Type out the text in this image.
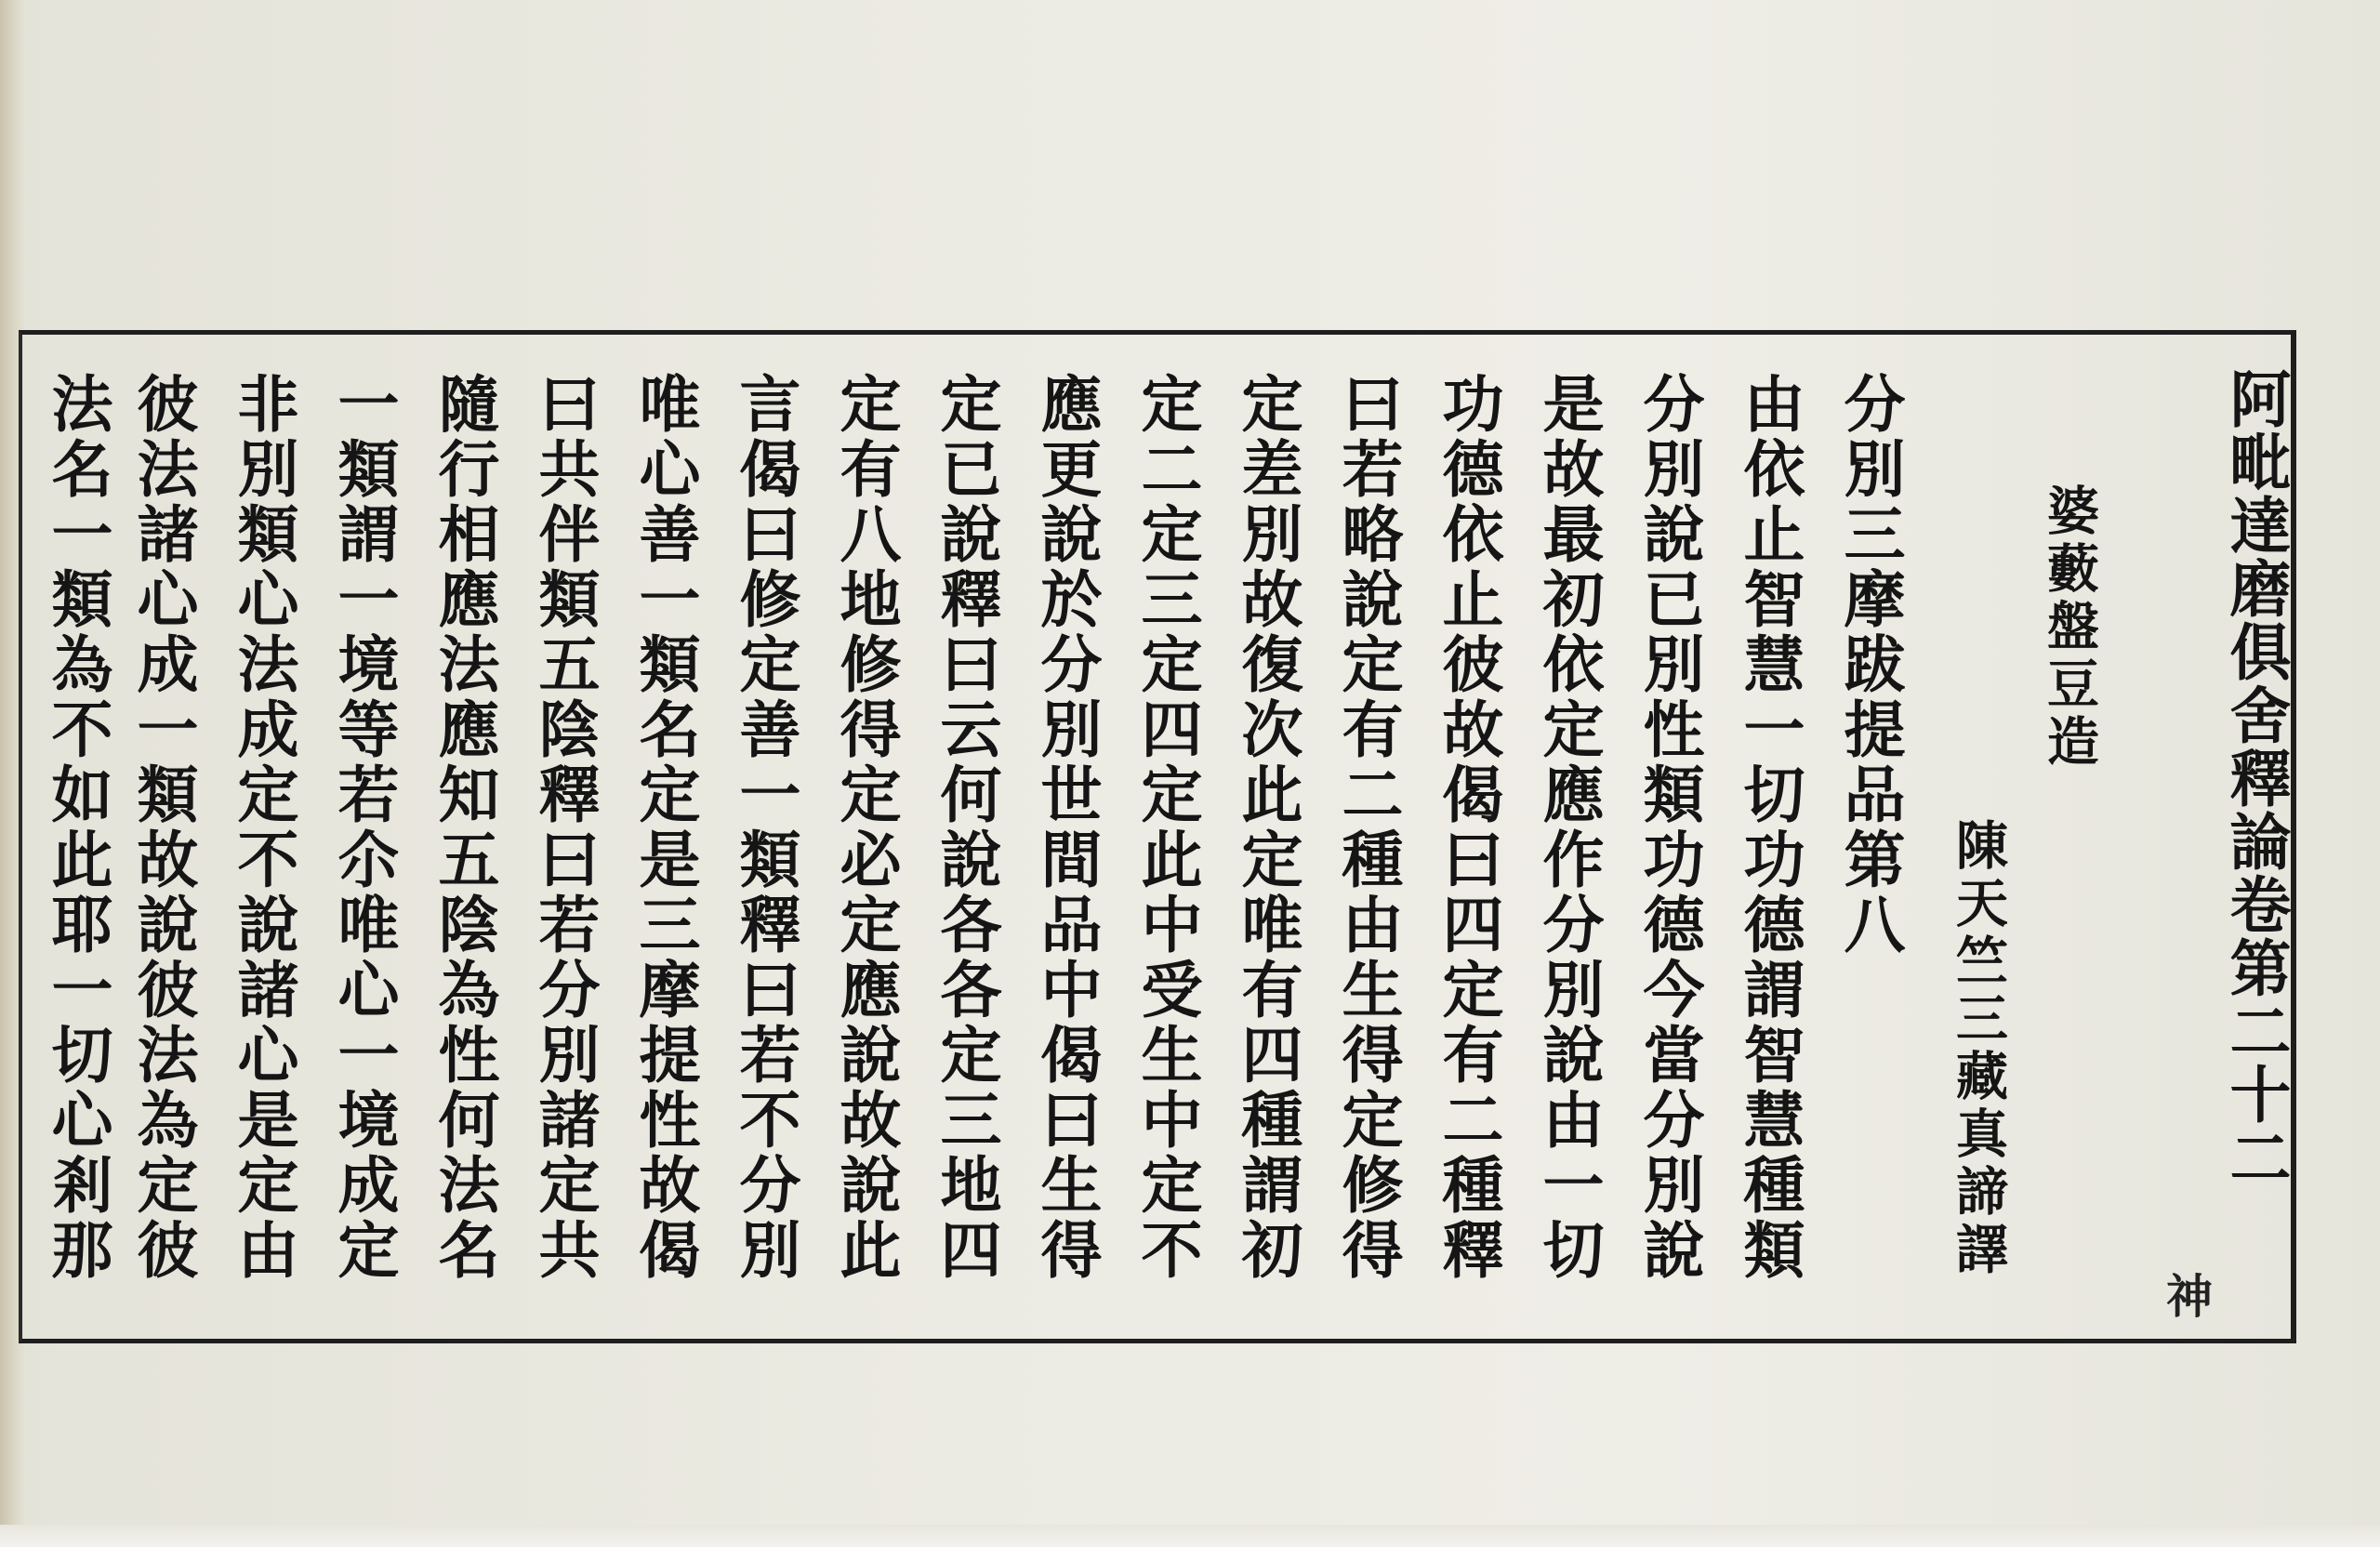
阿毗達磨俱舍釋論卷第二十二
婆藪盤豆造
陳天竺三藏真諦譯
神
由依止智慧一切功德謂智慧種類
分別說已別性類功德今當分別說
是故最初依定應作分別說由一切
功德依止彼故偈曰四定有二種釋
曰若略說定有二種由生得定修得
定差別故復次此定唯有四種謂初
定二定三定四定此中受生中定不
應更說於分別世間品中偈曰生得
定已說釋曰云何說各各定三地四
定有八地修得定必定應說故說此
言偈曰修定善一類釋曰若不分別
唯心善一類名定是三摩提性故偈
曰共伴類五陰釋曰若分別諸定共
隨行相應法應知五陰為性何法名
一類謂一境等若尒唯心一境成定
非別類心法成定不說諸心是定由
彼法諸心成一類故說彼法為定彼
法名一類為不如此耶一切心剎那	分別三摩跋提品第八
